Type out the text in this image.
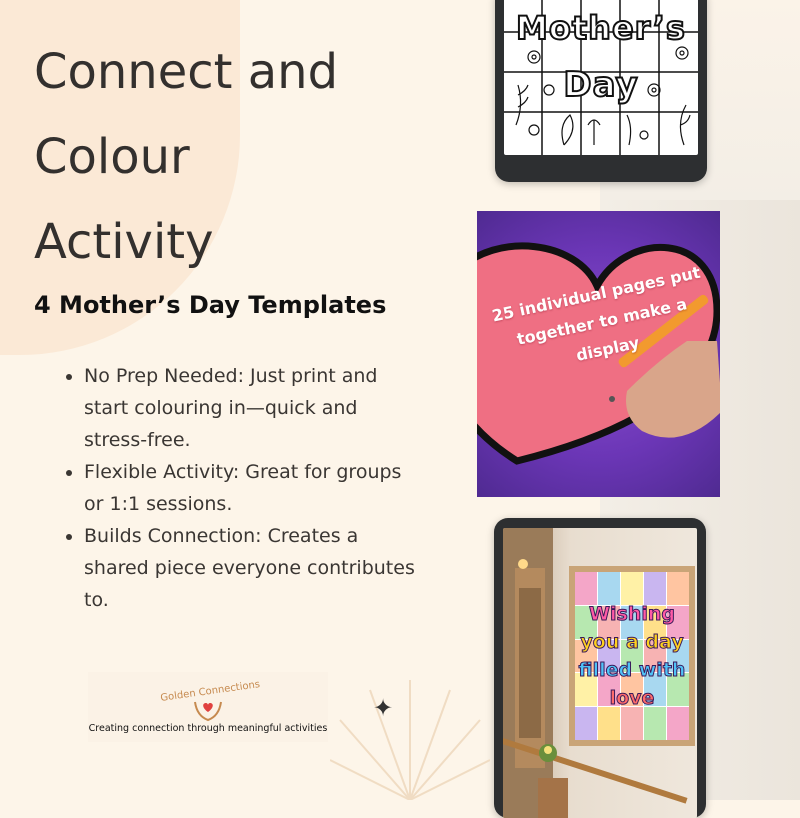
Connect and
Colour
Activity
4 Mother’s Day Templates
• No Prep Needed: Just print and start colouring in—quick and stress-free.
• Flexible Activity: Great for groups or 1:1 sessions.
• Builds Connection: Creates a shared piece everyone contributes to.
Mother’s
Day
25 individual pages put together to make a display
Wishing
you a day
filled with
love
✦
Golden Connections
Creating connection through meaningful activities
